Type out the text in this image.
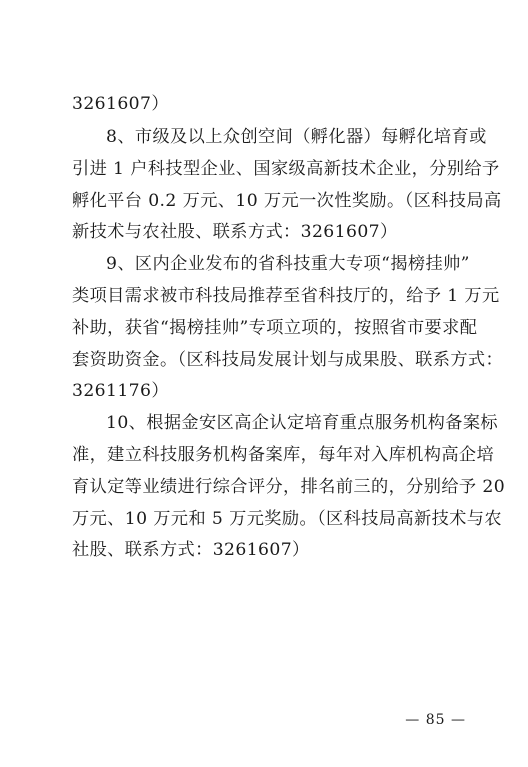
3261607）
8、市级及以上众创空间（孵化器）每孵化培育或
引进 1 户科技型企业、国家级高新技术企业，分别给予
孵化平台 0.2 万元、10 万元一次性奖励。（区科技局高
新技术与农社股、联系方式：3261607）
9、区内企业发布的省科技重大专项“揭榜挂帅”
类项目需求被市科技局推荐至省科技厅的，给予 1 万元
补助，获省“揭榜挂帅”专项立项的，按照省市要求配
套资助资金。（区科技局发展计划与成果股、联系方式：
3261176）
10、根据金安区高企认定培育重点服务机构备案标
准，建立科技服务机构备案库，每年对入库机构高企培
育认定等业绩进行综合评分，排名前三的，分别给予 20
万元、10 万元和 5 万元奖励。（区科技局高新技术与农
社股、联系方式：3261607）
— 85 —
